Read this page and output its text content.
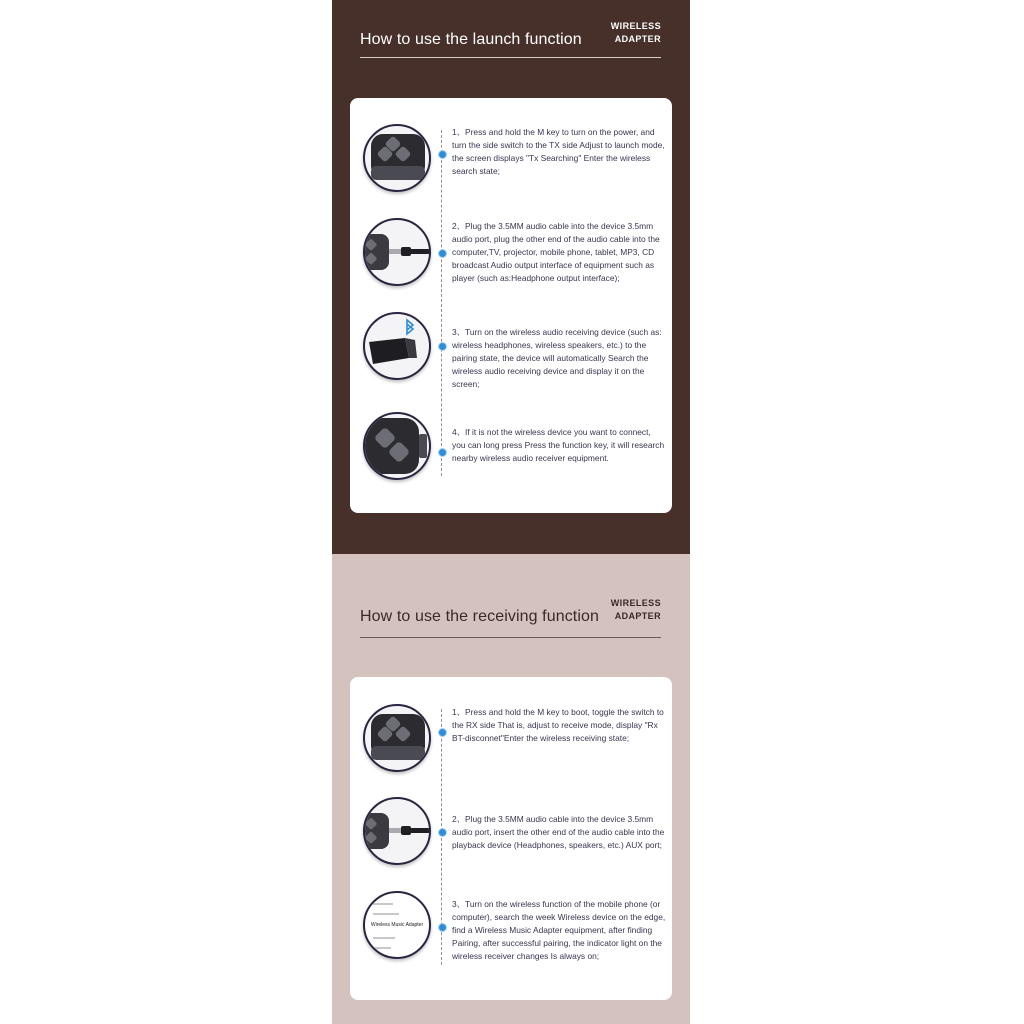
How to use the launch function
WIRELESS
ADAPTER

1、Press and hold the M key to turn on the power, and turn the side switch to the TX side Adjust to launch mode, the screen displays "Tx Searching" Enter the wireless search state;

2、Plug the 3.5MM audio cable into the device 3.5mm audio port, plug the other end of the audio cable into the computer,TV, projector, mobile phone, tablet, MP3, CD broadcast Audio output interface of equipment such as player (such as:Headphone output interface);

3、Turn on the wireless audio receiving device (such as: wireless headphones, wireless speakers, etc.) to the pairing state, the device will automatically Search the wireless audio receiving device and display it on the screen;

4、If it is not the wireless device you want to connect, you can long press Press the function key, it will research nearby wireless audio receiver equipment.

How to use the receiving function
WIRELESS
ADAPTER

1、Press and hold the M key to boot, toggle the switch to the RX side That is, adjust to receive mode, display "Rx BT-disconnet"Enter the wireless receiving state;

2、Plug the 3.5MM audio cable into the device 3.5mm audio port, insert the other end of the audio cable into the playback device (Headphones, speakers, etc.) AUX port;

Wireless Music Adapter

3、Turn on the wireless function of the mobile phone (or computer), search the week Wireless device on the edge, find a Wireless Music Adapter equipment, after finding Pairing, after successful pairing, the indicator light on the wireless receiver changes Is always on;
